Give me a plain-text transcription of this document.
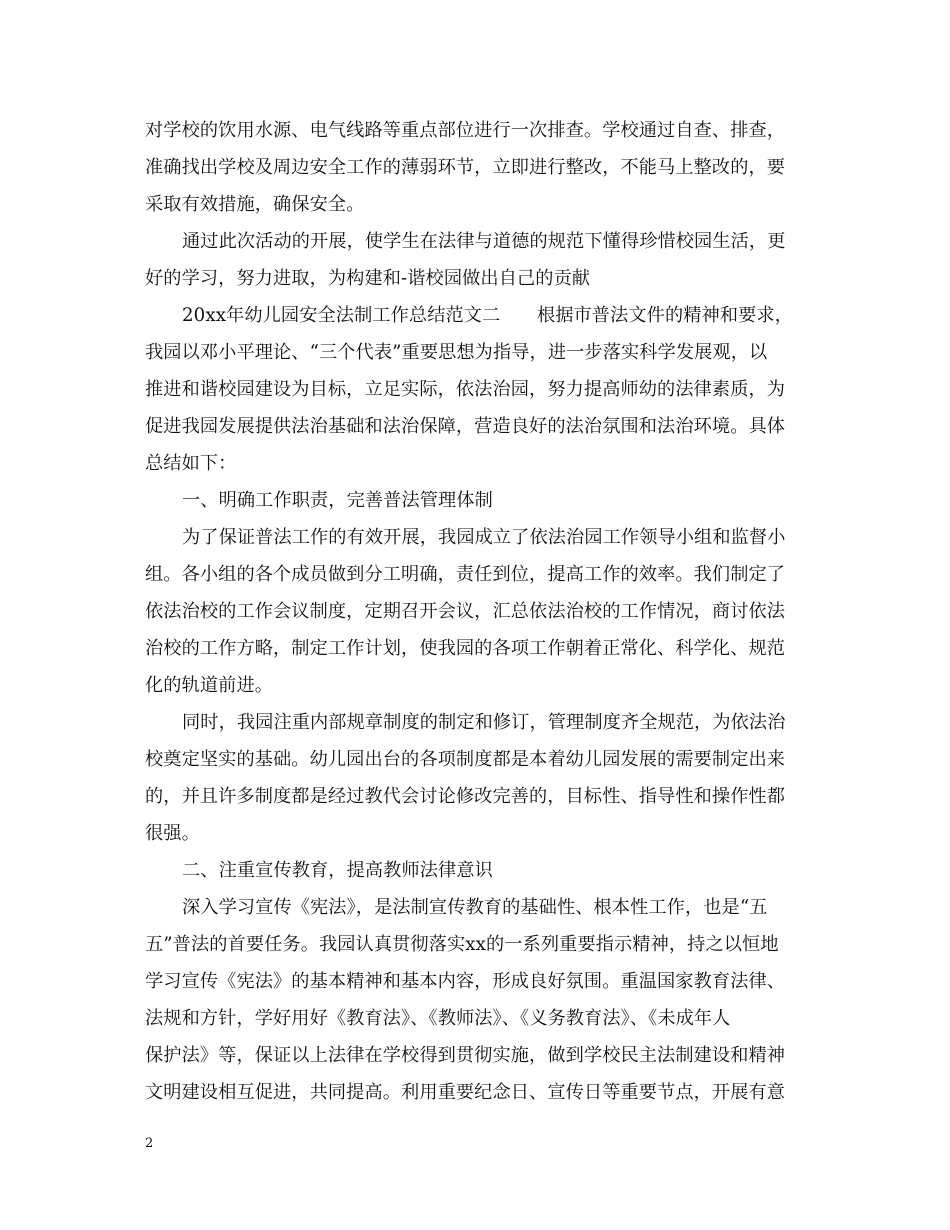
对学校的饮用水源、电气线路等重点部位进行一次排查。学校通过自查、排查，
准确找出学校及周边安全工作的薄弱环节，立即进行整改，不能马上整改的，要
采取有效措施，确保安全。
通过此次活动的开展，使学生在法律与道德的规范下懂得珍惜校园生活，更
好的学习，努力进取，为构建和-谐校园做出自己的贡献
20xx年幼儿园安全法制工作总结范文二　　根据市普法文件的精神和要求，
我园以邓小平理论、“三个代表”重要思想为指导，进一步落实科学发展观，以
推进和谐校园建设为目标，立足实际，依法治园，努力提高师幼的法律素质，为
促进我园发展提供法治基础和法治保障，营造良好的法治氛围和法治环境。具体
总结如下：
一、明确工作职责，完善普法管理体制
为了保证普法工作的有效开展，我园成立了依法治园工作领导小组和监督小
组。各小组的各个成员做到分工明确，责任到位，提高工作的效率。我们制定了
依法治校的工作会议制度，定期召开会议，汇总依法治校的工作情况，商讨依法
治校的工作方略，制定工作计划，使我园的各项工作朝着正常化、科学化、规范
化的轨道前进。
同时，我园注重内部规章制度的制定和修订，管理制度齐全规范，为依法治
校奠定坚实的基础。幼儿园出台的各项制度都是本着幼儿园发展的需要制定出来
的，并且许多制度都是经过教代会讨论修改完善的，目标性、指导性和操作性都
很强。
二、注重宣传教育，提高教师法律意识
深入学习宣传《宪法》，是法制宣传教育的基础性、根本性工作，也是“五
五”普法的首要任务。我园认真贯彻落实xx的一系列重要指示精神，持之以恒地
学习宣传《宪法》的基本精神和基本内容，形成良好氛围。重温国家教育法律、
法规和方针，学好用好《教育法》、《教师法》、《义务教育法》、《未成年人
保护法》等，保证以上法律在学校得到贯彻实施，做到学校民主法制建设和精神
文明建设相互促进，共同提高。利用重要纪念日、宣传日等重要节点，开展有意
2
